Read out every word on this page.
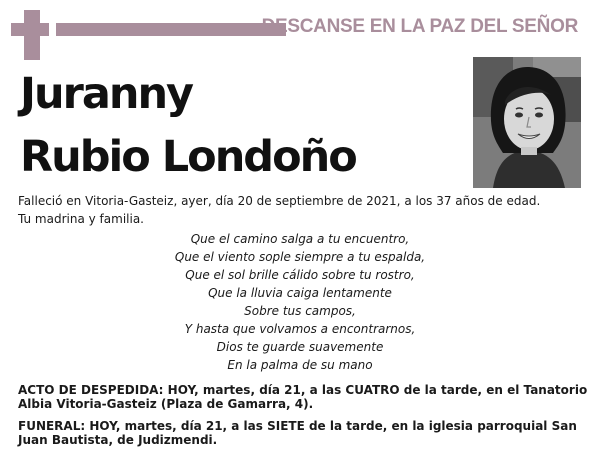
DESCANSE EN LA PAZ DEL SEÑOR
Juranny
Rubio Londoño
Falleció en Vitoria-Gasteiz, ayer, día 20 de septiembre de 2021, a los 37 años de edad.
Tu madrina y familia.
Que el camino salga a tu encuentro,
Que el viento sople siempre a tu espalda,
Que el sol brille cálido sobre tu rostro,
Que la lluvia caiga lentamente
Sobre tus campos,
Y hasta que volvamos a encontrarnos,
Dios te guarde suavemente
En la palma de su mano
ACTO DE DESPEDIDA: HOY, martes, día 21, a las CUATRO de la tarde, en el Tanatorio Albia Vitoria-Gasteiz (Plaza de Gamarra, 4).
FUNERAL: HOY, martes, día 21, a las SIETE de la tarde, en la iglesia parroquial San Juan Bautista, de Judizmendi.
